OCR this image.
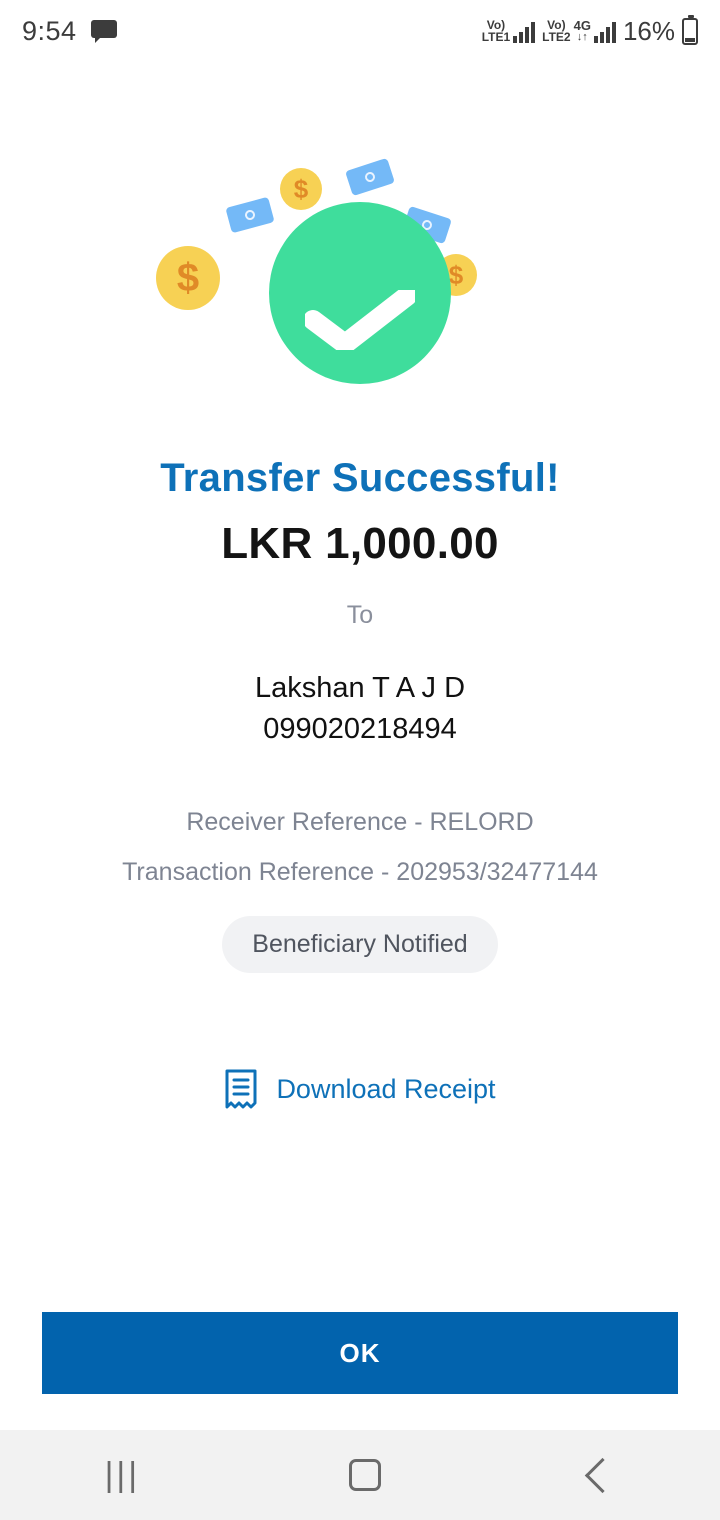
9:54	Vo)
LTE1
Vo)
LTE2
4G
↓↑ 16%
$
$
$
Transfer Successful!
LKR 1,000.00
To
Lakshan T A J D
099020218494
Receiver Reference - RELORD
Transaction Reference - 202953/32477144
Beneficiary Notified
Download Receipt
OK
|||
